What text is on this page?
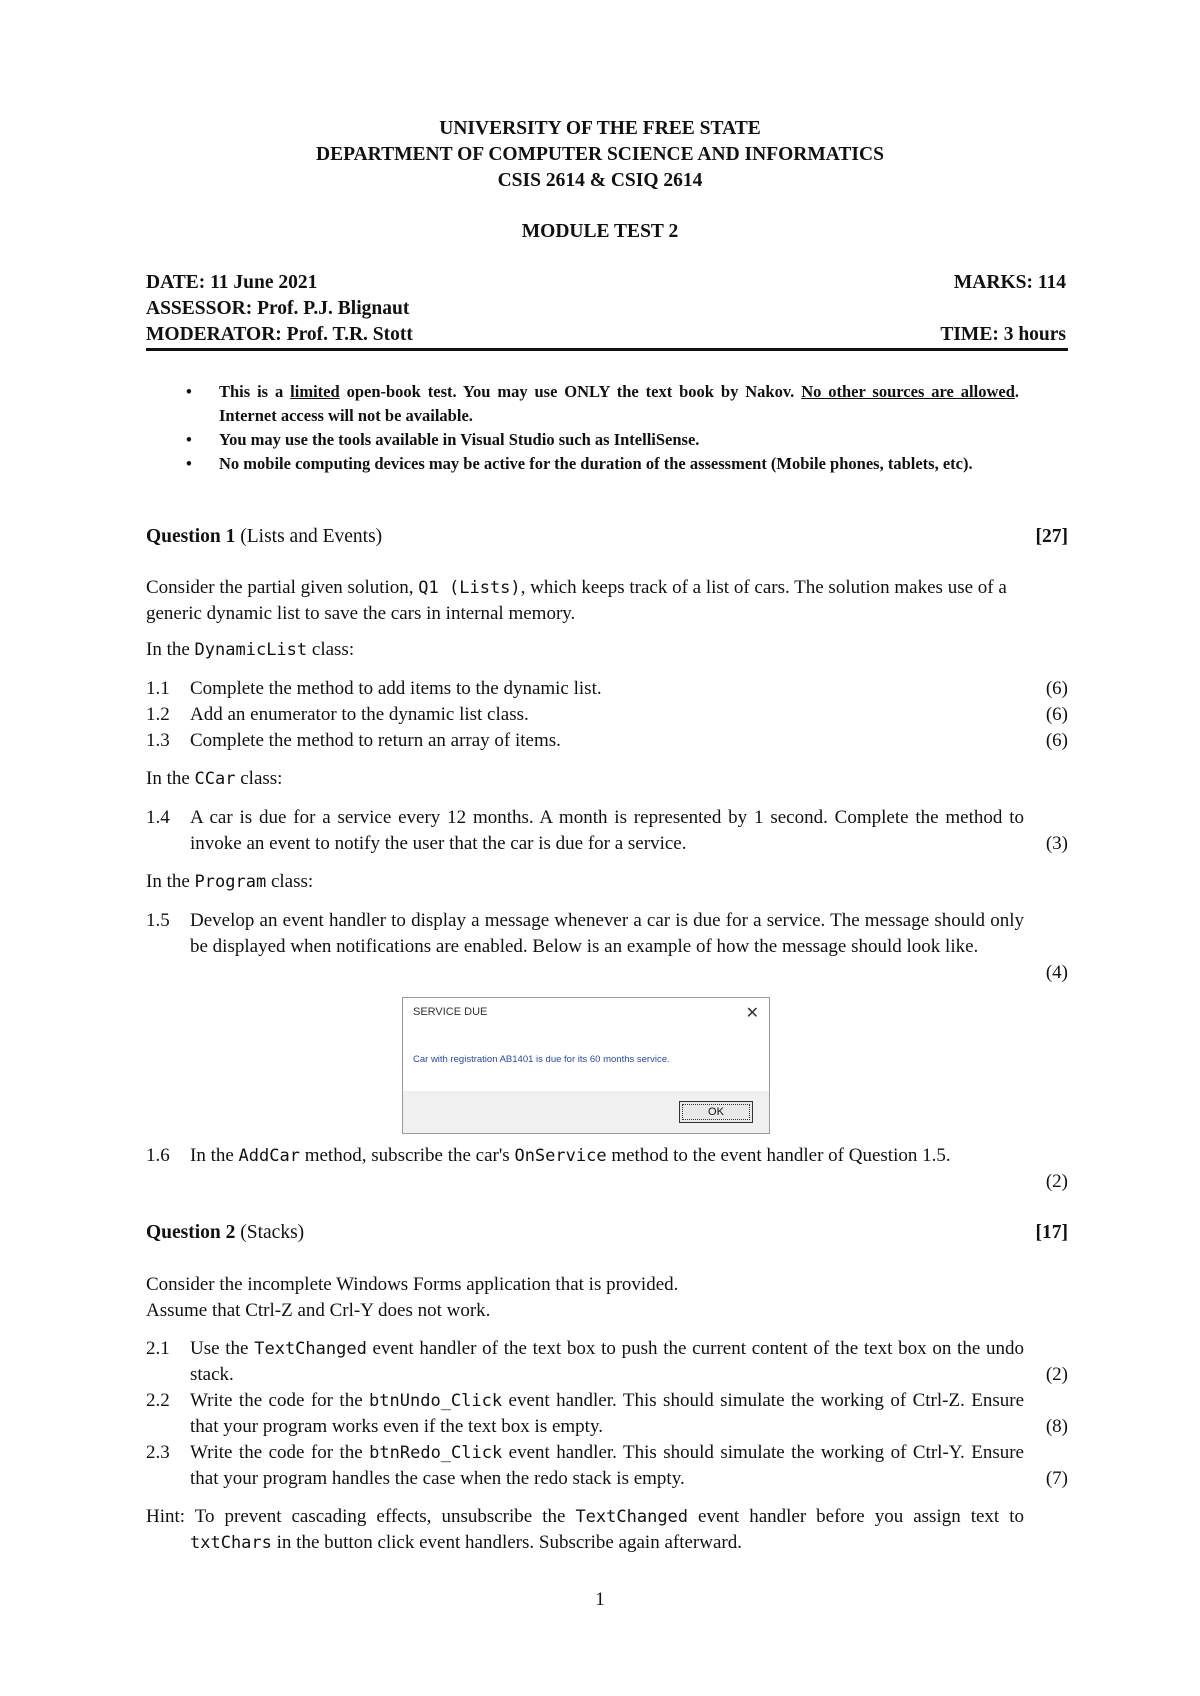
UNIVERSITY OF THE FREE STATE
DEPARTMENT OF COMPUTER SCIENCE AND INFORMATICS
CSIS 2614 & CSIQ 2614
MODULE TEST 2
DATE: 11 June 2021	MARKS: 114
ASSESSOR: Prof. P.J. Blignaut
MODERATOR: Prof. T.R. Stott	TIME: 3 hours
• This is a limited open-book test. You may use ONLY the text book by Nakov. No other sources are allowed. Internet access will not be available.
• You may use the tools available in Visual Studio such as IntelliSense.
• No mobile computing devices may be active for the duration of the assessment (Mobile phones, tablets, etc).
Question 1 (Lists and Events)	[27]
Consider the partial given solution, Q1 (Lists), which keeps track of a list of cars. The solution makes use of a generic dynamic list to save the cars in internal memory.
In the DynamicList class:
1.1 Complete the method to add items to the dynamic list.	(6)
1.2 Add an enumerator to the dynamic list class.	(6)
1.3 Complete the method to return an array of items.	(6)
In the CCar class:
1.4 A car is due for a service every 12 months. A month is represented by 1 second. Complete the method to invoke an event to notify the user that the car is due for a service.	(3)
In the Program class:
1.5 Develop an event handler to display a message whenever a car is due for a service. The message should only be displayed when notifications are enabled. Below is an example of how the message should look like.
(4)
SERVICE DUE	✕
Car with registration AB1401 is due for its 60 months service.
OK
1.6 In the AddCar method, subscribe the car's OnService method to the event handler of Question 1.5.
(2)
Question 2 (Stacks)	[17]
Consider the incomplete Windows Forms application that is provided.
Assume that Ctrl-Z and Crl-Y does not work.
2.1 Use the TextChanged event handler of the text box to push the current content of the text box on the undo stack.	(2)
2.2 Write the code for the btnUndo_Click event handler. This should simulate the working of Ctrl-Z. Ensure that your program works even if the text box is empty.	(8)
2.3 Write the code for the btnRedo_Click event handler. This should simulate the working of Ctrl-Y. Ensure that your program handles the case when the redo stack is empty.	(7)
Hint: To prevent cascading effects, unsubscribe the TextChanged event handler before you assign text to txtChars in the button click event handlers. Subscribe again afterward.
1
